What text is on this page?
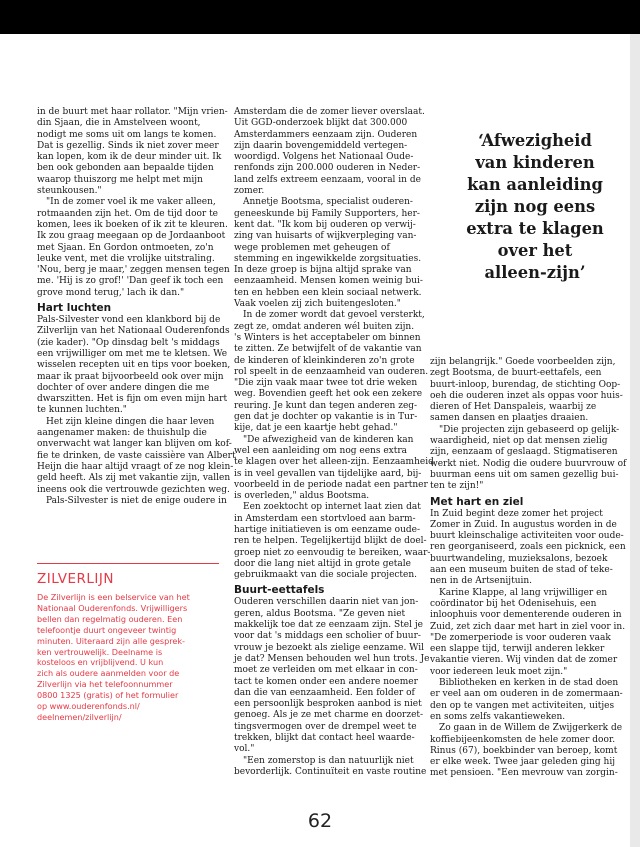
in de buurt met haar rollator. "Mijn vrien-

din Sjaan, die in Amstelveen woont,

nodigt me soms uit om langs te komen.

Dat is gezellig. Sinds ik niet zover meer

kan lopen, kom ik de deur minder uit. Ik

ben ook gebonden aan bepaalde tijden

waarop thuiszorg me helpt met mijn

steunkousen."

"In de zomer voel ik me vaker alleen,

rotmaanden zijn het. Om de tijd door te

komen, lees ik boeken of ik zit te kleuren.

Ik zou graag meegaan op de Jordaanboot

met Sjaan. En Gordon ontmoeten, zo'n

leuke vent, met die vrolijke uitstraling.

'Nou, berg je maar,' zeggen mensen tegen

me. 'Hij is zo grof!' 'Dan geef ik toch een

grove mond terug,' lach ik dan."

Hart luchten

Pals-Silvester vond een klankbord bij de

Zilverlijn van het Nationaal Ouderenfonds

(zie kader). "Op dinsdag belt 's middags

een vrijwilliger om met me te kletsen. We

wisselen recepten uit en tips voor boeken,

maar ik praat bijvoorbeeld ook over mijn

dochter of over andere dingen die me

dwarszitten. Het is fijn om even mijn hart

te kunnen luchten."

Het zijn kleine dingen die haar leven

aangenamer maken: de thuishulp die

onverwacht wat langer kan blijven om kof-

fie te drinken, de vaste caissière van Albert

Heijn die haar altijd vraagt of ze nog klein-

geld heeft. Als zij met vakantie zijn, vallen

ineens ook die vertrouwde gezichten weg.

Pals-Silvester is niet de enige oudere in

Amsterdam die de zomer liever overslaat.

Uit GGD-onderzoek blijkt dat 300.000

Amsterdammers eenzaam zijn. Ouderen

zijn daarin bovengemiddeld vertegen-

woordigd. Volgens het Nationaal Oude-

renfonds zijn 200.000 ouderen in Neder-

land zelfs extreem eenzaam, vooral in de

zomer.

Annetje Bootsma, specialist ouderen-

geneeskunde bij Family Supporters, her-

kent dat. "Ik kom bij ouderen op verwij-

zing van huisarts of wijkverpleging van-

wege problemen met geheugen of

stemming en ingewikkelde zorgsituaties.

In deze groep is bijna altijd sprake van

eenzaamheid. Mensen komen weinig bui-

ten en hebben een klein sociaal netwerk.

Vaak voelen zij zich buitengesloten."

In de zomer wordt dat gevoel versterkt,

zegt ze, omdat anderen wél buiten zijn.

's Winters is het acceptabeler om binnen

te zitten. Ze betwijfelt of de vakantie van

de kinderen of kleinkinderen zo'n grote

rol speelt in de eenzaamheid van ouderen.

"Die zijn vaak maar twee tot drie weken

weg. Bovendien geeft het ook een zekere

reuring. Je kunt dan tegen anderen zeg-

gen dat je dochter op vakantie is in Tur-

kije, dat je een kaartje hebt gehad."

"De afwezigheid van de kinderen kan

wel een aanleiding om nog eens extra

te klagen over het alleen-zijn. Eenzaamheid

is in veel gevallen van tijdelijke aard, bij-

voorbeeld in de periode nadat een partner

is overleden," aldus Bootsma.

Een zoektocht op internet laat zien dat

in Amsterdam een stortvloed aan barm-

hartige initiatieven is om eenzame oude-

ren te helpen. Tegelijkertijd blijkt de doel-

groep niet zo eenvoudig te bereiken, waar-

door die lang niet altijd in grote getale

gebruikmaakt van die sociale projecten.

Buurt-eettafels

Ouderen verschillen daarin niet van jon-

geren, aldus Bootsma. "Ze geven niet

makkelijk toe dat ze eenzaam zijn. Stel je

voor dat 's middags een scholier of buur-

vrouw je bezoekt als zielige eenzame. Wil

je dat? Mensen behouden wel hun trots. Je

moet ze verleiden om met elkaar in con-

tact te komen onder een andere noemer

dan die van eenzaamheid. Een folder of

een persoonlijk besproken aanbod is niet

genoeg. Als je ze met charme en doorzet-

tingsvermogen over de drempel weet te

trekken, blijkt dat contact heel waarde-

vol."

"Een zomerstop is dan natuurlijk niet

bevorderlijk. Continuïteit en vaste routine

zijn belangrijk." Goede voorbeelden zijn,

zegt Bootsma, de buurt-eettafels, een

buurt-inloop, burendag, de stichting Oop-

oeh die ouderen inzet als oppas voor huis-

dieren of Het Danspaleis, waarbij ze

samen dansen en plaatjes draaien.

"Die projecten zijn gebaseerd op gelijk-

waardigheid, niet op dat mensen zielig

zijn, eenzaam of geslaagd. Stigmatiseren

werkt niet. Nodig die oudere buurvrouw of

buurman eens uit om samen gezellig bui-

ten te zijn!"

Met hart en ziel

In Zuid begint deze zomer het project

Zomer in Zuid. In augustus worden in de

buurt kleinschalige activiteiten voor oude-

ren georganiseerd, zoals een picknick, een

buurtwandeling, muzieksalons, bezoek

aan een museum buiten de stad of teke-

nen in de Artsenijtuin.

Karine Klappe, al lang vrijwilliger en

coördinator bij het Odenisehuis, een

inloophuis voor dementerende ouderen in

Zuid, zet zich daar met hart in ziel voor in.

"De zomerperiode is voor ouderen vaak

een slappe tijd, terwijl anderen lekker

vakantie vieren. Wij vinden dat de zomer

voor iedereen leuk moet zijn."

Bibliotheken en kerken in de stad doen

er veel aan om ouderen in de zomermaan-

den op te vangen met activiteiten, uitjes

en soms zelfs vakantieweken.

Zo gaan in de Willem de Zwijgerkerk de

koffiebijeenkomsten de hele zomer door.

Rinus (67), boekbinder van beroep, komt

er elke week. Twee jaar geleden ging hij

met pensioen. "Een mevrouw van zorgin-

‘Afwezigheid
van kinderen
kan aanleiding
zijn nog eens
extra te klagen
over het
alleen-zijn’
ZILVERLIJN
De Zilverlijn is een belservice van het
Nationaal Ouderenfonds. Vrijwilligers
bellen dan regelmatig ouderen. Een
telefoontje duurt ongeveer twintig
minuten. Uiteraard zijn alle gesprek-
ken vertrouwelijk. Deelname is
kosteloos en vrijblijvend. U kun
zich als oudere aanmelden voor de
Zilverlijn via het telefoonnummer
0800 1325 (gratis) of het formulier
op www.ouderenfonds.nl/
deelnemen/zilverlijn/
62
